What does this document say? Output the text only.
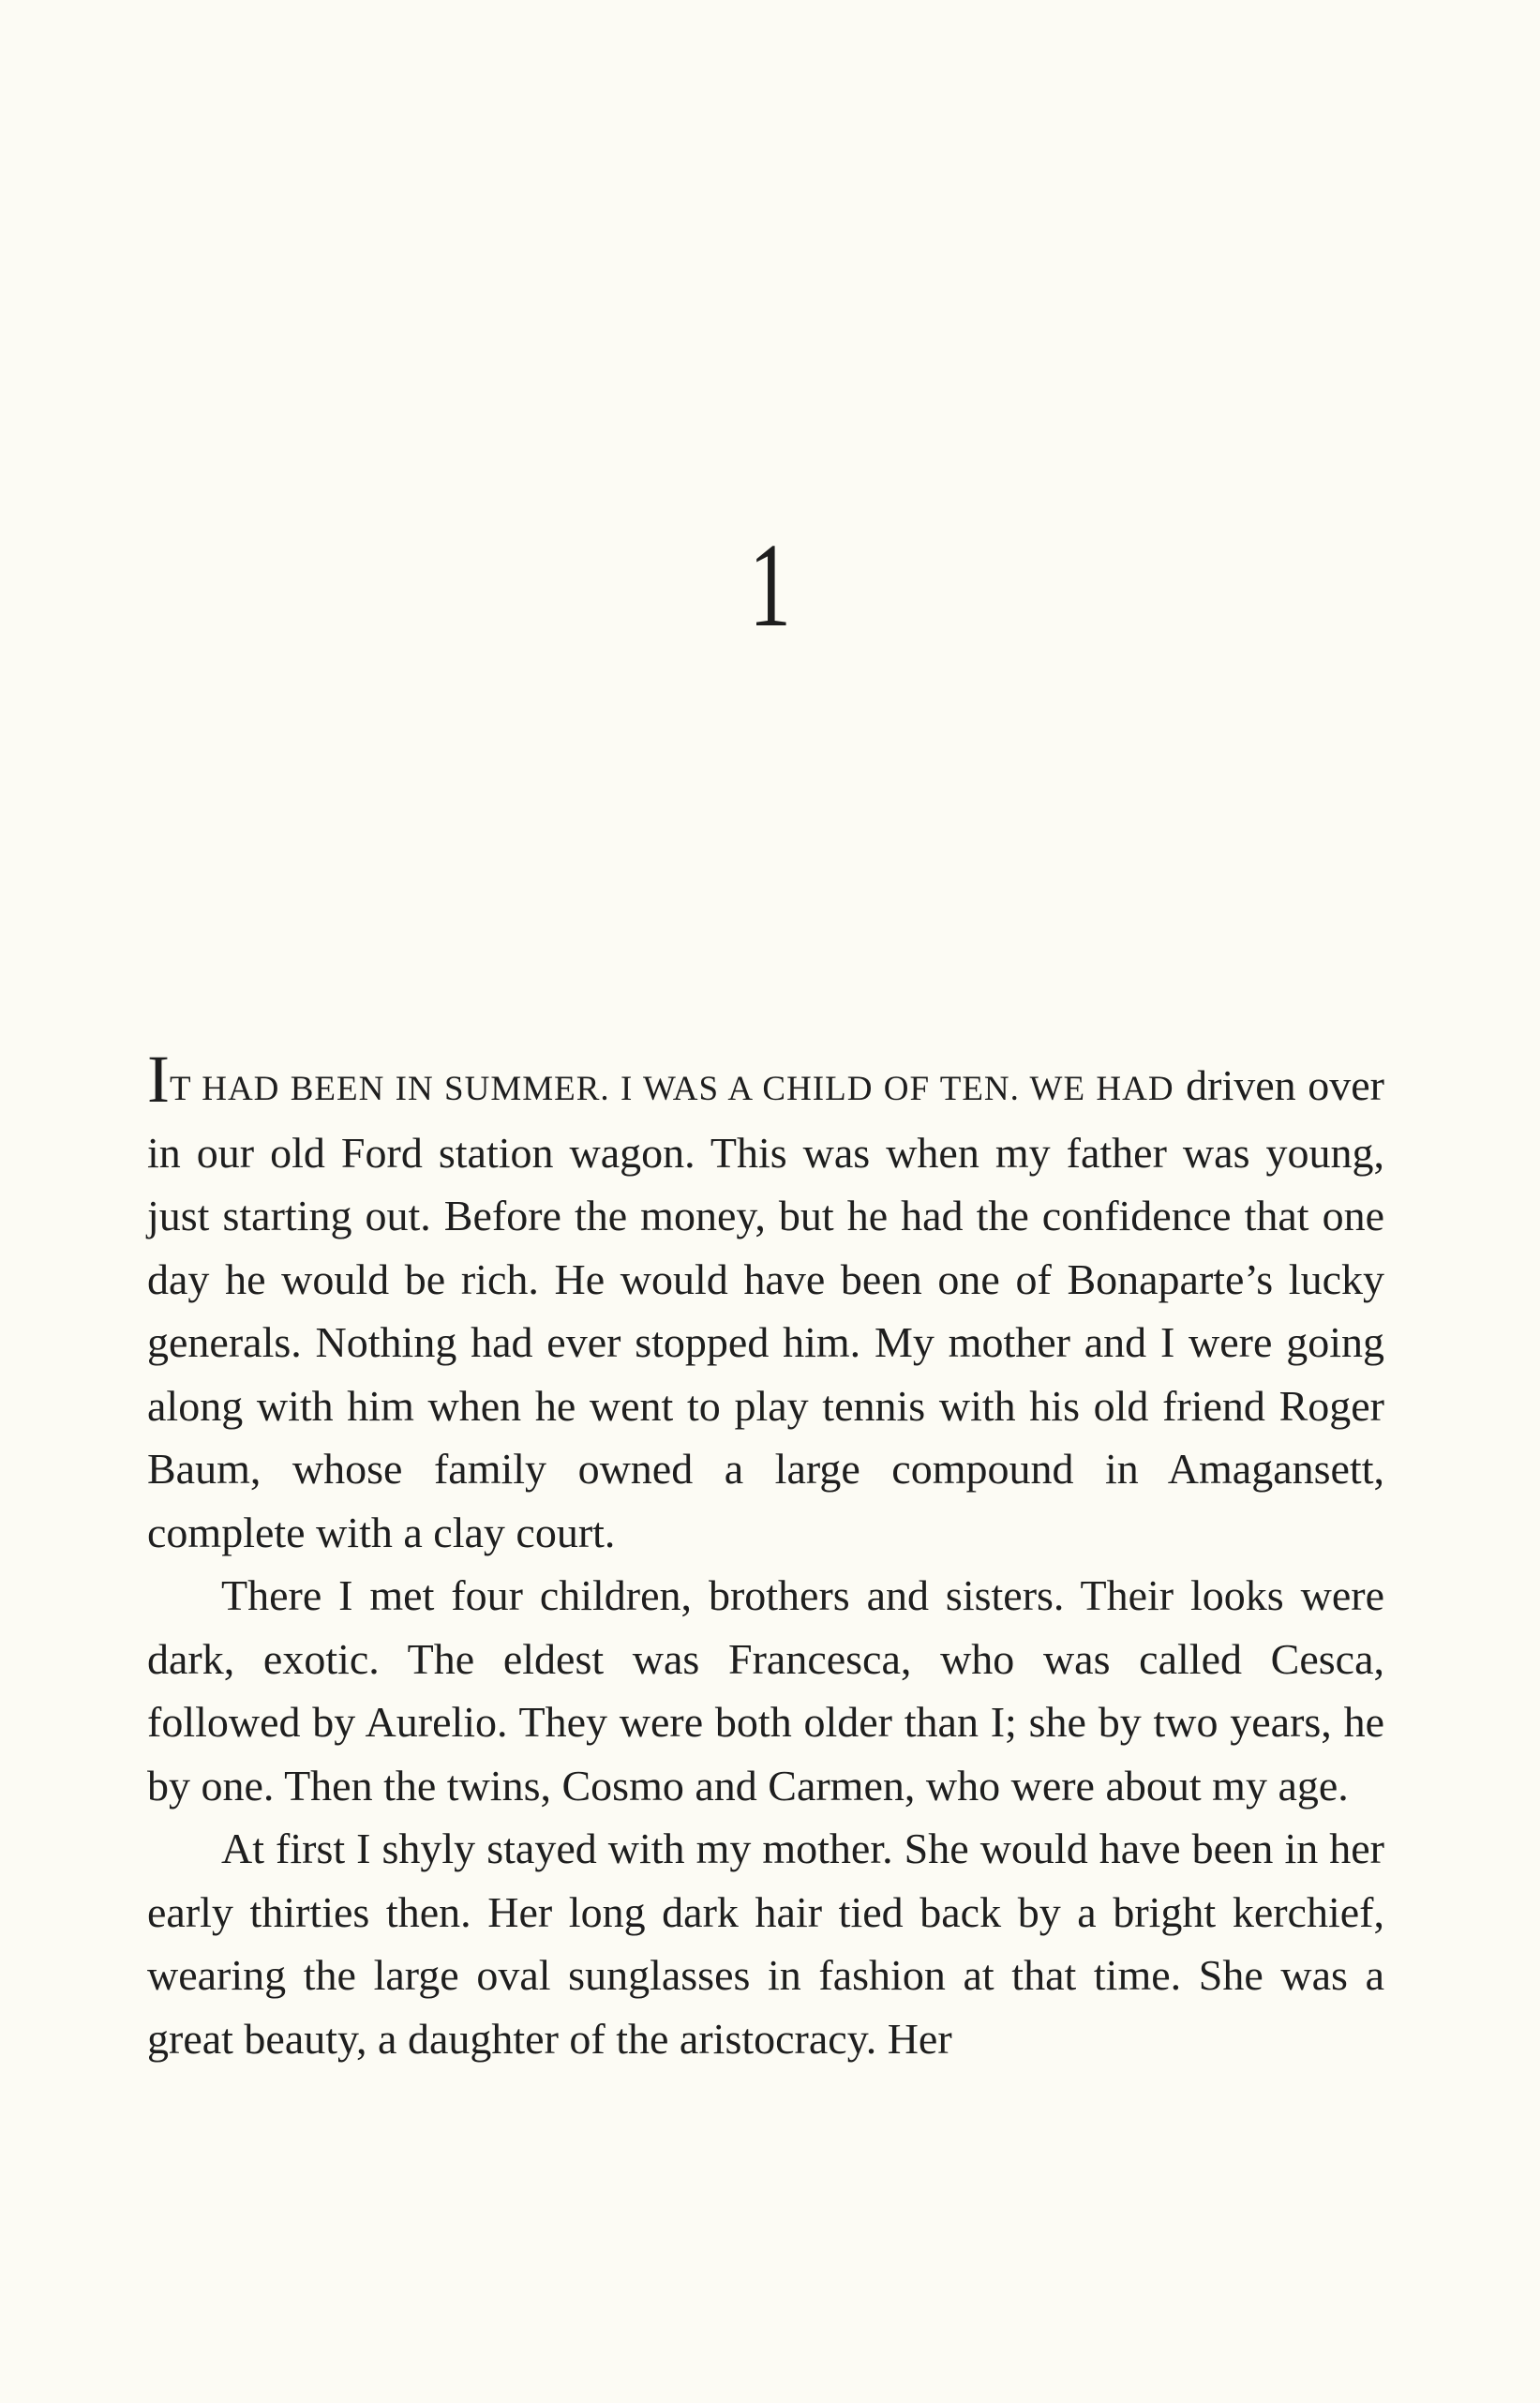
1

IT HAD BEEN IN SUMMER. I WAS A CHILD OF TEN. WE HAD driven over in our old Ford station wagon. This was when my father was young, just starting out. Before the money, but he had the confidence that one day he would be rich. He would have been one of Bonaparte’s lucky generals. Nothing had ever stopped him. My mother and I were going along with him when he went to play tennis with his old friend Roger Baum, whose family owned a large compound in Amagansett, complete with a clay court.

There I met four children, brothers and sisters. Their looks were dark, exotic. The eldest was Francesca, who was called Cesca, followed by Aurelio. They were both older than I; she by two years, he by one. Then the twins, Cosmo and Carmen, who were about my age.

At first I shyly stayed with my mother. She would have been in her early thirties then. Her long dark hair tied back by a bright kerchief, wearing the large oval sunglasses in fashion at that time. She was a great beauty, a daughter of the aristocracy. Her
